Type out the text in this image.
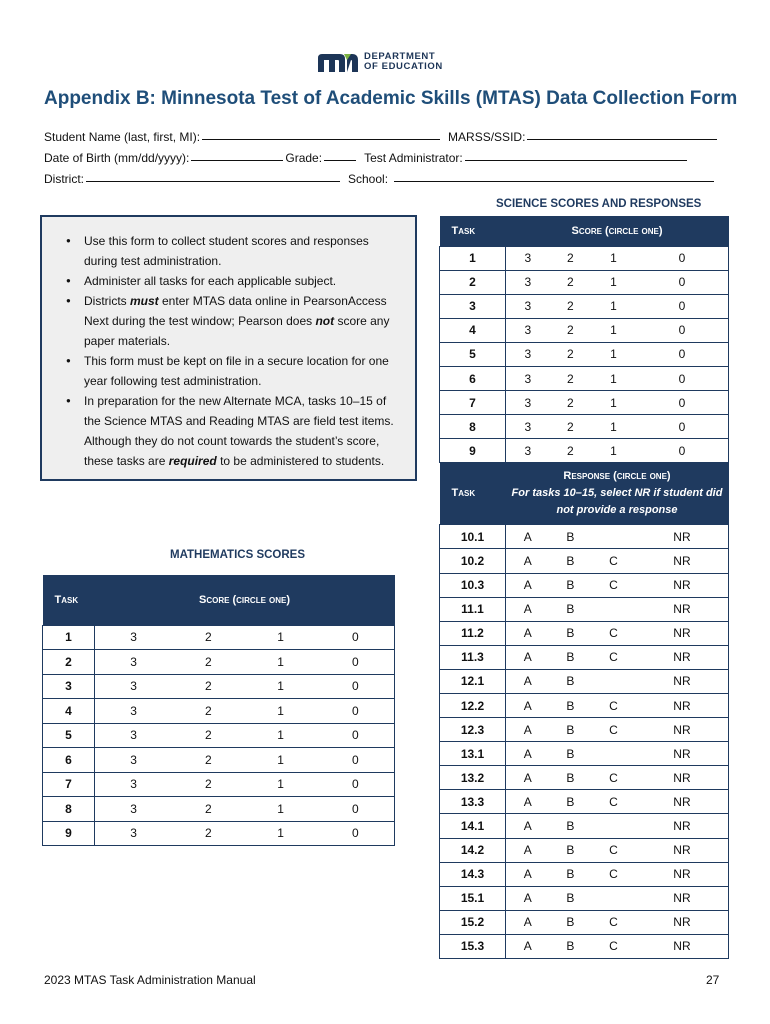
DEPARTMENT
OF EDUCATION
Appendix B: Minnesota Test of Academic Skills (MTAS) Data Collection Form
Student Name (last, first, MI):	MARSS/SSID:
Date of Birth (mm/dd/yyyy):	Grade:	Test Administrator:
District:	School:
● Use this form to collect student scores and responses during test administration.
● Administer all tasks for each applicable subject.
● Districts must enter MTAS data online in PearsonAccess Next during the test window; Pearson does not score any paper materials.
● This form must be kept on file in a secure location for one year following test administration.
● In preparation for the new Alternate MCA, tasks 10–15 of the Science MTAS and Reading MTAS are field test items. Although they do not count towards the student’s score, these tasks are required to be administered to students.
SCIENCE SCORES AND RESPONSES
MATHEMATICS SCORES
Task	Score (circle one)			
1	3	2	1	0
2	3	2	1	0
3	3	2	1	0
4	3	2	1	0
5	3	2	1	0
6	3	2	1	0
7	3	2	1	0
8	3	2	1	0
9	3	2	1	0
Task	Score (circle one)			
1	3	2	1	0
2	3	2	1	0
3	3	2	1	0
4	3	2	1	0
5	3	2	1	0
6	3	2	1	0
7	3	2	1	0
8	3	2	1	0
9	3	2	1	0
Task	Response (circle one)
For tasks 10–15, select NR if student did not provide a response			
10.1	A	B		NR
10.2	A	B	C	NR
10.3	A	B	C	NR
11.1	A	B		NR
11.2	A	B	C	NR
11.3	A	B	C	NR
12.1	A	B		NR
12.2	A	B	C	NR
12.3	A	B	C	NR
13.1	A	B		NR
13.2	A	B	C	NR
13.3	A	B	C	NR
14.1	A	B		NR
14.2	A	B	C	NR
14.3	A	B	C	NR
15.1	A	B		NR
15.2	A	B	C	NR
15.3	A	B	C	NR
2023 MTAS Task Administration Manual	27
